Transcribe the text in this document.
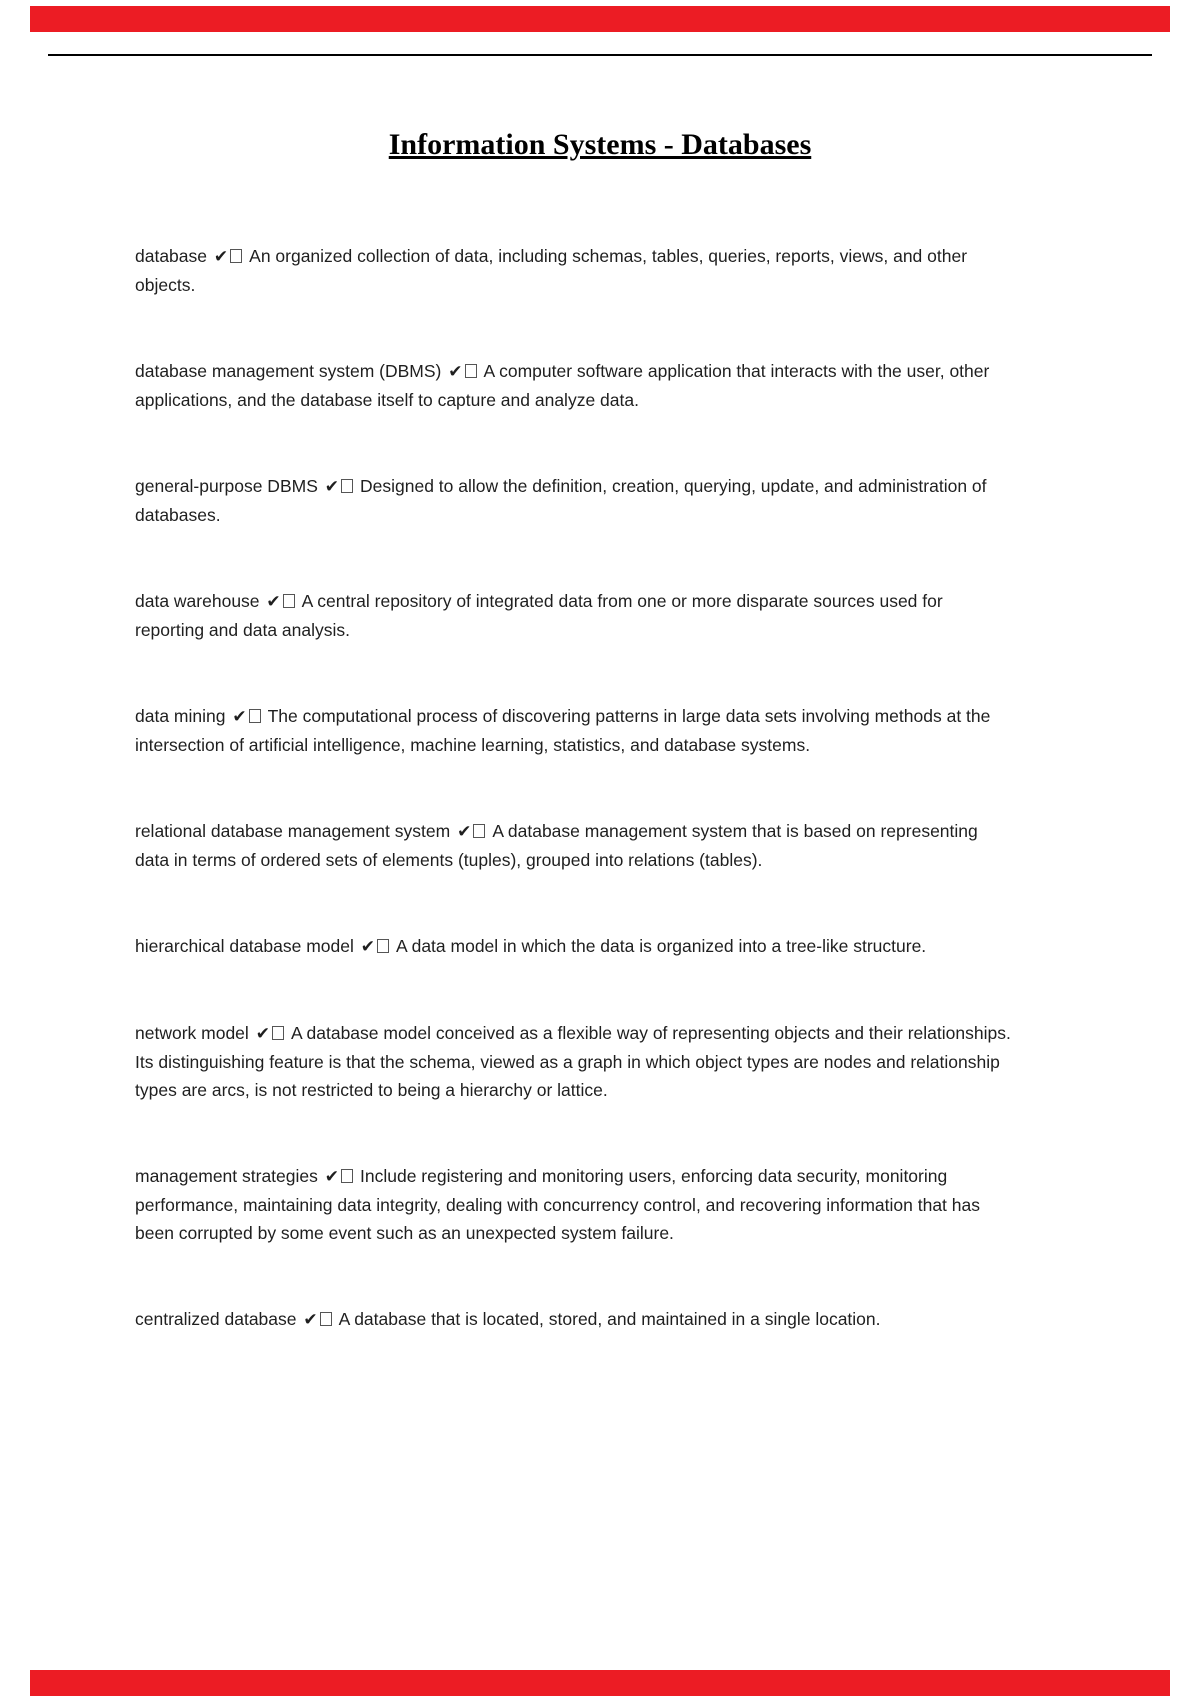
Information Systems - Databases

database ✔ An organized collection of data, including schemas, tables, queries, reports, views, and other objects.

database management system (DBMS) ✔ A computer software application that interacts with the user, other applications, and the database itself to capture and analyze data.

general-purpose DBMS ✔ Designed to allow the definition, creation, querying, update, and administration of databases.

data warehouse ✔ A central repository of integrated data from one or more disparate sources used for reporting and data analysis.

data mining ✔ The computational process of discovering patterns in large data sets involving methods at the intersection of artificial intelligence, machine learning, statistics, and database systems.

relational database management system ✔ A database management system that is based on representing data in terms of ordered sets of elements (tuples), grouped into relations (tables).

hierarchical database model ✔ A data model in which the data is organized into a tree-like structure.

network model ✔ A database model conceived as a flexible way of representing objects and their relationships. Its distinguishing feature is that the schema, viewed as a graph in which object types are nodes and relationship types are arcs, is not restricted to being a hierarchy or lattice.

management strategies ✔ Include registering and monitoring users, enforcing data security, monitoring performance, maintaining data integrity, dealing with concurrency control, and recovering information that has been corrupted by some event such as an unexpected system failure.

centralized database ✔ A database that is located, stored, and maintained in a single location.
